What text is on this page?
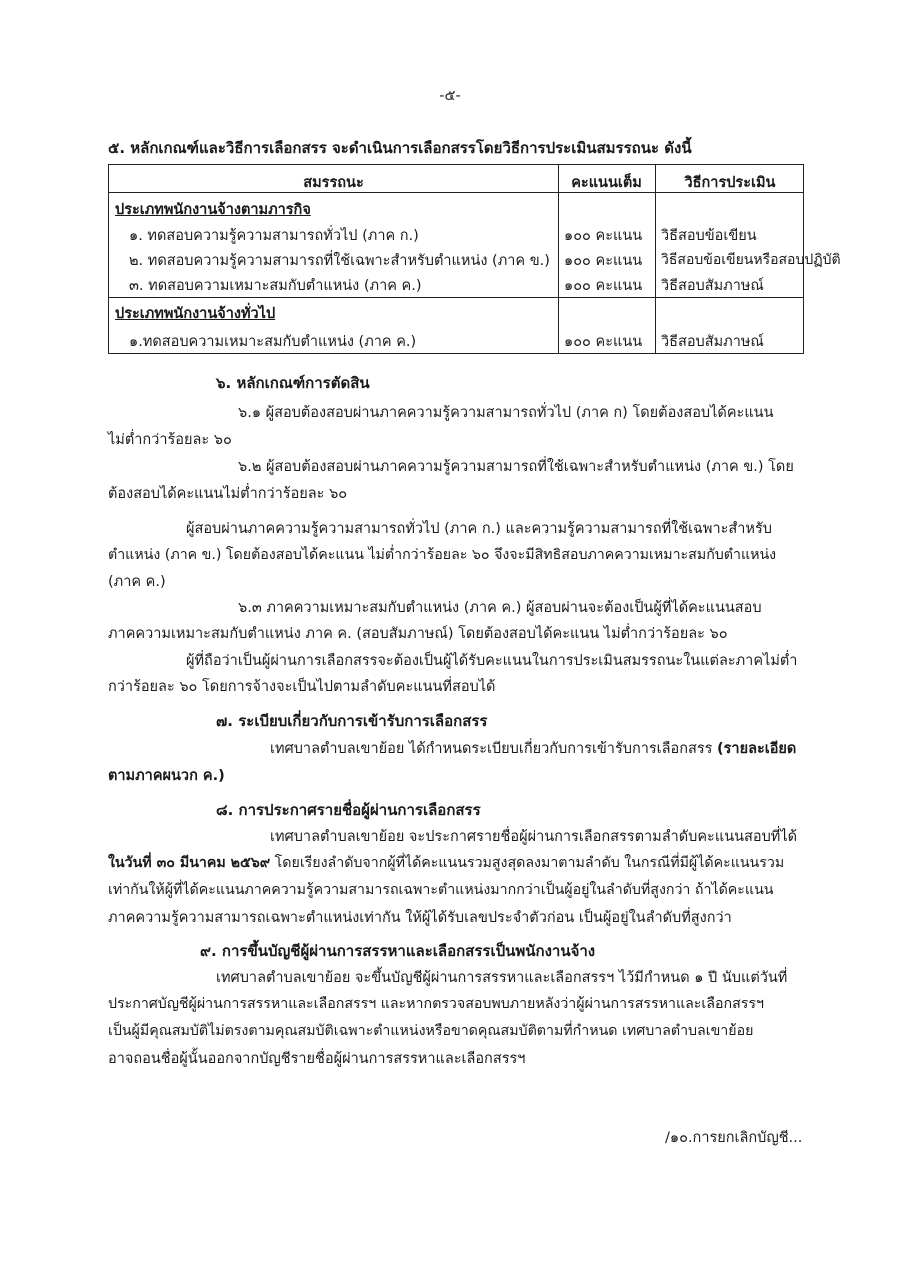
-๕-
๕. หลักเกณฑ์และวิธีการเลือกสรร จะดำเนินการเลือกสรรโดยวิธีการประเมินสมรรถนะ ดังนี้
สมรรถนะ	คะแนนเต็ม	วิธีการประเมิน
ประเภทพนักงานจ้างตามภารกิจ
๑. ทดสอบความรู้ความสามารถทั่วไป (ภาค ก.)	๑๐๐ คะแนน วิธีสอบข้อเขียน
๒. ทดสอบความรู้ความสามารถที่ใช้เฉพาะสำหรับตำแหน่ง (ภาค ข.) ๑๐๐ คะแนน วิธีสอบข้อเขียนหรือสอบปฏิบัติ
๓. ทดสอบความเหมาะสมกับตำแหน่ง (ภาค ค.)	๑๐๐ คะแนน วิธีสอบสัมภาษณ์
ประเภทพนักงานจ้างทั่วไป
๑.ทดสอบความเหมาะสมกับตำแหน่ง (ภาค ค.)	๑๐๐ คะแนน วิธีสอบสัมภาษณ์
๖. หลักเกณฑ์การตัดสิน
๖.๑ ผู้สอบต้องสอบผ่านภาคความรู้ความสามารถทั่วไป (ภาค ก) โดยต้องสอบได้คะแนน
ไม่ต่ำกว่าร้อยละ ๖๐
๖.๒ ผู้สอบต้องสอบผ่านภาคความรู้ความสามารถที่ใช้เฉพาะสำหรับตำแหน่ง (ภาค ข.) โดย
ต้องสอบได้คะแนนไม่ต่ำกว่าร้อยละ ๖๐
ผู้สอบผ่านภาคความรู้ความสามารถทั่วไป (ภาค ก.) และความรู้ความสามารถที่ใช้เฉพาะสำหรับ
ตำแหน่ง (ภาค ข.) โดยต้องสอบได้คะแนน ไม่ต่ำกว่าร้อยละ ๖๐ จึงจะมีสิทธิสอบภาคความเหมาะสมกับตำแหน่ง
(ภาค ค.)
๖.๓ ภาคความเหมาะสมกับตำแหน่ง (ภาค ค.) ผู้สอบผ่านจะต้องเป็นผู้ที่ได้คะแนนสอบ
ภาคความเหมาะสมกับตำแหน่ง ภาค ค. (สอบสัมภาษณ์) โดยต้องสอบได้คะแนน ไม่ต่ำกว่าร้อยละ ๖๐
ผู้ที่ถือว่าเป็นผู้ผ่านการเลือกสรรจะต้องเป็นผู้ได้รับคะแนนในการประเมินสมรรถนะในแต่ละภาคไม่ต่ำ
กว่าร้อยละ ๖๐ โดยการจ้างจะเป็นไปตามลำดับคะแนนที่สอบได้
๗. ระเบียบเกี่ยวกับการเข้ารับการเลือกสรร
เทศบาลตำบลเขาย้อย ได้กำหนดระเบียบเกี่ยวกับการเข้ารับการเลือกสรร (รายละเอียด
ตามภาคผนวก ค.)
๘. การประกาศรายชื่อผู้ผ่านการเลือกสรร
เทศบาลตำบลเขาย้อย จะประกาศรายชื่อผู้ผ่านการเลือกสรรตามลำดับคะแนนสอบที่ได้
ในวันที่ ๓๐ มีนาคม ๒๕๖๙ โดยเรียงลำดับจากผู้ที่ได้คะแนนรวมสูงสุดลงมาตามลำดับ ในกรณีที่มีผู้ได้คะแนนรวม
เท่ากันให้ผู้ที่ได้คะแนนภาคความรู้ความสามารถเฉพาะตำแหน่งมากกว่าเป็นผู้อยู่ในลำดับที่สูงกว่า ถ้าได้คะแนน
ภาคความรู้ความสามารถเฉพาะตำแหน่งเท่ากัน ให้ผู้ได้รับเลขประจำตัวก่อน เป็นผู้อยู่ในลำดับที่สูงกว่า
๙. การขึ้นบัญชีผู้ผ่านการสรรหาและเลือกสรรเป็นพนักงานจ้าง
เทศบาลตำบลเขาย้อย จะขึ้นบัญชีผู้ผ่านการสรรหาและเลือกสรรฯ ไว้มีกำหนด ๑ ปี นับแต่วันที่
ประกาศบัญชีผู้ผ่านการสรรหาและเลือกสรรฯ และหากตรวจสอบพบภายหลังว่าผู้ผ่านการสรรหาและเลือกสรรฯ
เป็นผู้มีคุณสมบัติไม่ตรงตามคุณสมบัติเฉพาะตำแหน่งหรือขาดคุณสมบัติตามที่กำหนด เทศบาลตำบลเขาย้อย
อาจถอนชื่อผู้นั้นออกจากบัญชีรายชื่อผู้ผ่านการสรรหาและเลือกสรรฯ
/๑๐.การยกเลิกบัญชี...
